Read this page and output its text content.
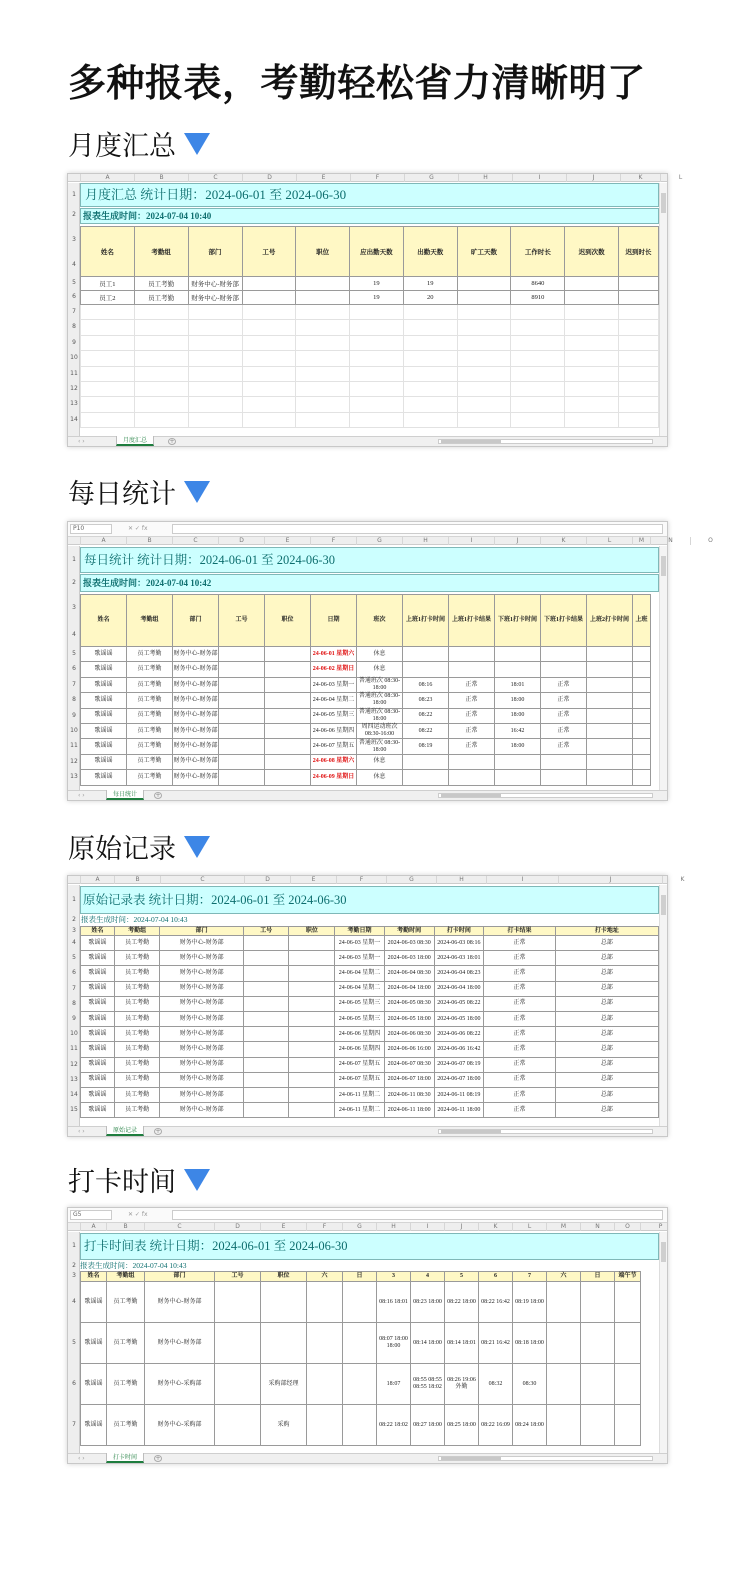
多种报表，考勤轻松省力清晰明了
月度汇总
A	B	C	D	E	F	G	H	I	J	K	L
1
2
3
4
5
6
7
8
9
10
11
12
13
14
月度汇总 统计日期：2024-06-01 至 2024-06-30
报表生成时间：2024-07-04 10:40
姓名	考勤组	部门	工号	职位	应出勤天数	出勤天数	旷工天数	工作时长	迟到次数	迟到时长
员工1	员工考勤	财务中心-财务部			19	19		8640		
员工2	员工考勤	财务中心-财务部			19	20		8910		

‹ ›	月度汇总	+
每日统计
P10	✕ ✓ fx
A	B	C	D	E	F	G	H	I	J	K	L	M	N	O
1
2
3
4
5
6
7
8
9
10
11
12
13
每日统计 统计日期：2024-06-01 至 2024-06-30
报表生成时间：2024-07-04 10:42
姓名	考勤组	部门	工号	职位	日期	班次	上班1打卡时间	上班1打卡结果	下班1打卡时间	下班1打卡结果	上班2打卡时间	上班
歌谣谣	员工考勤	财务中心-财务部			24-06-01 星期六	休息						
歌谣谣	员工考勤	财务中心-财务部			24-06-02 星期日	休息						
歌谣谣	员工考勤	财务中心-财务部			24-06-03 星期一	普通班次 08:30-18:00	08:16	正常	18:01	正常		
歌谣谣	员工考勤	财务中心-财务部			24-06-04 星期二	普通班次 08:30-18:00	08:23	正常	18:00	正常		
歌谣谣	员工考勤	财务中心-财务部			24-06-05 星期三	普通班次 08:30-18:00	08:22	正常	18:00	正常		
歌谣谣	员工考勤	财务中心-财务部			24-06-06 星期四	周四运动班次 08:30-16:00	08:22	正常	16:42	正常		
歌谣谣	员工考勤	财务中心-财务部			24-06-07 星期五	普通班次 08:30-18:00	08:19	正常	18:00	正常		
歌谣谣	员工考勤	财务中心-财务部			24-06-08 星期六	休息						
歌谣谣	员工考勤	财务中心-财务部			24-06-09 星期日	休息						
‹ ›	每日统计	+
原始记录
A	B	C	D	E	F	G	H	I	J	K
1
2
3
4
5
6
7
8
9
10
11
12
13
14
15
原始记录表 统计日期：2024-06-01 至 2024-06-30
报表生成时间：2024-07-04 10:43
姓名	考勤组	部门	工号	职位	考勤日期	考勤时间	打卡时间	打卡结果	打卡地址
歌谣谣	员工考勤	财务中心-财务部			24-06-03 星期一	2024-06-03 08:30	2024-06-03 08:16	正常	总部
歌谣谣	员工考勤	财务中心-财务部			24-06-03 星期一	2024-06-03 18:00	2024-06-03 18:01	正常	总部
歌谣谣	员工考勤	财务中心-财务部			24-06-04 星期二	2024-06-04 08:30	2024-06-04 08:23	正常	总部
歌谣谣	员工考勤	财务中心-财务部			24-06-04 星期二	2024-06-04 18:00	2024-06-04 18:00	正常	总部
歌谣谣	员工考勤	财务中心-财务部			24-06-05 星期三	2024-06-05 08:30	2024-06-05 08:22	正常	总部
歌谣谣	员工考勤	财务中心-财务部			24-06-05 星期三	2024-06-05 18:00	2024-06-05 18:00	正常	总部
歌谣谣	员工考勤	财务中心-财务部			24-06-06 星期四	2024-06-06 08:30	2024-06-06 08:22	正常	总部
歌谣谣	员工考勤	财务中心-财务部			24-06-06 星期四	2024-06-06 16:00	2024-06-06 16:42	正常	总部
歌谣谣	员工考勤	财务中心-财务部			24-06-07 星期五	2024-06-07 08:30	2024-06-07 08:19	正常	总部
歌谣谣	员工考勤	财务中心-财务部			24-06-07 星期五	2024-06-07 18:00	2024-06-07 18:00	正常	总部
歌谣谣	员工考勤	财务中心-财务部			24-06-11 星期二	2024-06-11 08:30	2024-06-11 08:19	正常	总部
歌谣谣	员工考勤	财务中心-财务部			24-06-11 星期二	2024-06-11 18:00	2024-06-11 18:00	正常	总部
‹ ›	原始记录	+
打卡时间
G5	✕ ✓ fx
A	B	C	D	E	F	G	H	I	J	K	L	M	N	O	P
1
2
3
4
5
6
7
打卡时间表 统计日期：2024-06-01 至 2024-06-30
报表生成时间：2024-07-04 10:43
姓名	考勤组	部门	工号	职位	六	日	3	4	5	6	7	六	日	端午节
歌谣谣	员工考勤	财务中心-财务部					08:16 18:01	08:23 18:00	08:22 18:00	08:22 16:42	08:19 18:00			
歌谣谣	员工考勤	财务中心-财务部					08:07 18:00 18:00	08:14 18:00	08:14 18:01	08:21 16:42	08:18 18:00			
歌谣谣	员工考勤	财务中心-采购部		采购部经理			18:07	08:55 08:55 08:55 18:02	08:26 19:06外勤	08:32	08:30			
歌谣谣	员工考勤	财务中心-采购部		采购			08:22 18:02	08:27 18:00	08:25 18:00	08:22 16:09	08:24 18:00			
‹ ›	打卡时间	+
